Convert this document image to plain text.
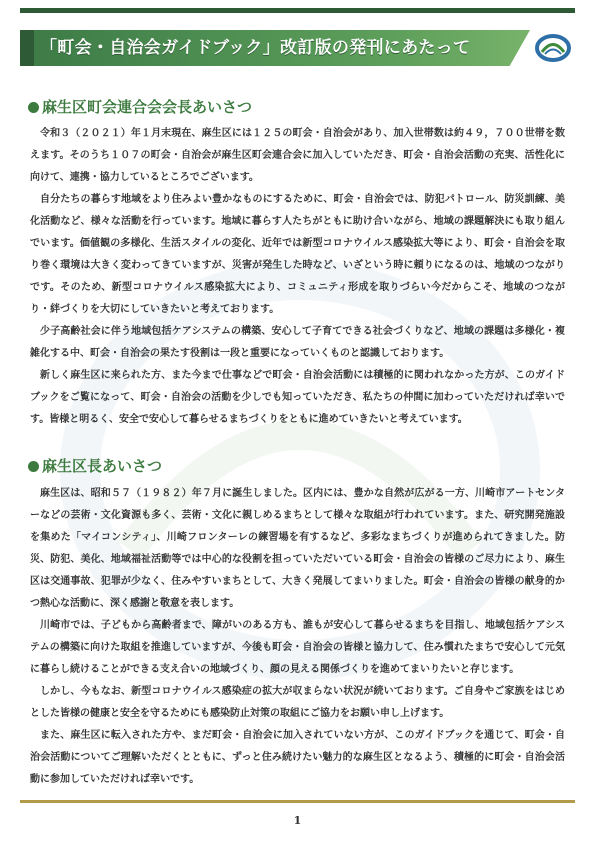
「町会・自治会ガイドブック」改訂版の発刊にあたって
麻生区町会連合会会長あいさつ

令和３（２０２１）年１月末現在、麻生区には１２５の町会・自治会があり、加入世帯数は約４９，７００世帯を数えます。そのうち１０７の町会・自治会が麻生区町会連合会に加入していただき、町会・自治会活動の充実、活性化に向けて、連携・協力しているところでございます。

自分たちの暮らす地域をより住みよい豊かなものにするために、町会・自治会では、防犯パトロール、防災訓練、美化活動など、様々な活動を行っています。地域に暮らす人たちがともに助け合いながら、地域の課題解決にも取り組んでいます。価値観の多様化、生活スタイルの変化、近年では新型コロナウイルス感染拡大等により、町会・自治会を取り巻く環境は大きく変わってきていますが、災害が発生した時など、いざという時に頼りになるのは、地域のつながりです。そのため、新型コロナウイルス感染拡大により、コミュニティ形成を取りづらい今だからこそ、地域のつながり・絆づくりを大切にしていきたいと考えております。

少子高齢社会に伴う地域包括ケアシステムの構築、安心して子育てできる社会づくりなど、地域の課題は多様化・複雑化する中、町会・自治会の果たす役割は一段と重要になっていくものと認識しております。

新しく麻生区に来られた方、また今まで仕事などで町会・自治会活動には積極的に関われなかった方が、このガイドブックをご覧になって、町会・自治会の活動を少しでも知っていただき、私たちの仲間に加わっていただければ幸いです。皆様と明るく、安全で安心して暮らせるまちづくりをともに進めていきたいと考えています。

麻生区長あいさつ

麻生区は、昭和５７（１９８２）年７月に誕生しました。区内には、豊かな自然が広がる一方、川崎市アートセンターなどの芸術・文化資源も多く、芸術・文化に親しめるまちとして様々な取組が行われています。また、研究開発施設を集めた「マイコンシティ」、川崎フロンターレの練習場を有するなど、多彩なまちづくりが進められてきました。防災、防犯、美化、地域福祉活動等では中心的な役割を担っていただいている町会・自治会の皆様のご尽力により、麻生区は交通事故、犯罪が少なく、住みやすいまちとして、大きく発展してまいりました。町会・自治会の皆様の献身的かつ熱心な活動に、深く感謝と敬意を表します。

川崎市では、子どもから高齢者まで、障がいのある方も、誰もが安心して暮らせるまちを目指し、地域包括ケアシステムの構築に向けた取組を推進していますが、今後も町会・自治会の皆様と協力して、住み慣れたまちで安心して元気に暮らし続けることができる支え合いの地域づくり、顔の見える関係づくりを進めてまいりたいと存じます。

しかし、今もなお、新型コロナウイルス感染症の拡大が収まらない状況が続いております。ご自身やご家族をはじめとした皆様の健康と安全を守るためにも感染防止対策の取組にご協力をお願い申し上げます。

また、麻生区に転入された方や、まだ町会・自治会に加入されていない方が、このガイドブックを通じて、町会・自治会活動についてご理解いただくとともに、ずっと住み続けたい魅力的な麻生区となるよう、積極的に町会・自治会活動に参加していただければ幸いです。

1
